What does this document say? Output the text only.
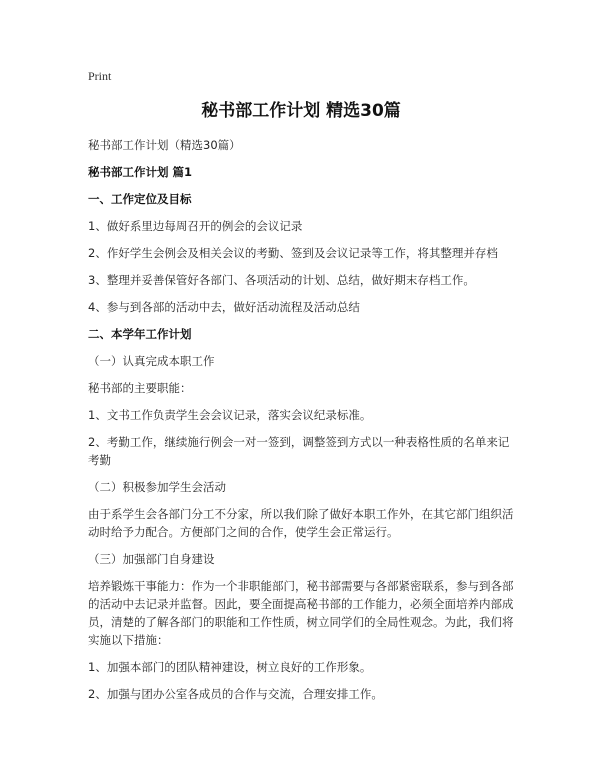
Print
秘书部工作计划 精选30篇
秘书部工作计划（精选30篇）
秘书部工作计划 篇1
一、工作定位及目标
1、做好系里边每周召开的例会的会议记录
2、作好学生会例会及相关会议的考勤、签到及会议记录等工作，将其整理并存档
3、整理并妥善保管好各部门、各项活动的计划、总结，做好期末存档工作。
4、参与到各部的活动中去，做好活动流程及活动总结
二、本学年工作计划
（一）认真完成本职工作
秘书部的主要职能：
1、文书工作负责学生会会议记录，落实会议纪录标准。
2、考勤工作，继续施行例会一对一签到，调整签到方式以一种表格性质的名单来记考勤
（二）积极参加学生会活动
由于系学生会各部门分工不分家，所以我们除了做好本职工作外，在其它部门组织活动时给予力配合。方便部门之间的合作，使学生会正常运行。
（三）加强部门自身建设
培养锻炼干事能力：作为一个非职能部门，秘书部需要与各部紧密联系，参与到各部的活动中去记录并监督。因此，要全面提高秘书部的工作能力，必须全面培养内部成员，清楚的了解各部门的职能和工作性质，树立同学们的全局性观念。为此，我们将实施以下措施：
1、加强本部门的团队精神建设，树立良好的工作形象。
2、加强与团办公室各成员的合作与交流，合理安排工作。
